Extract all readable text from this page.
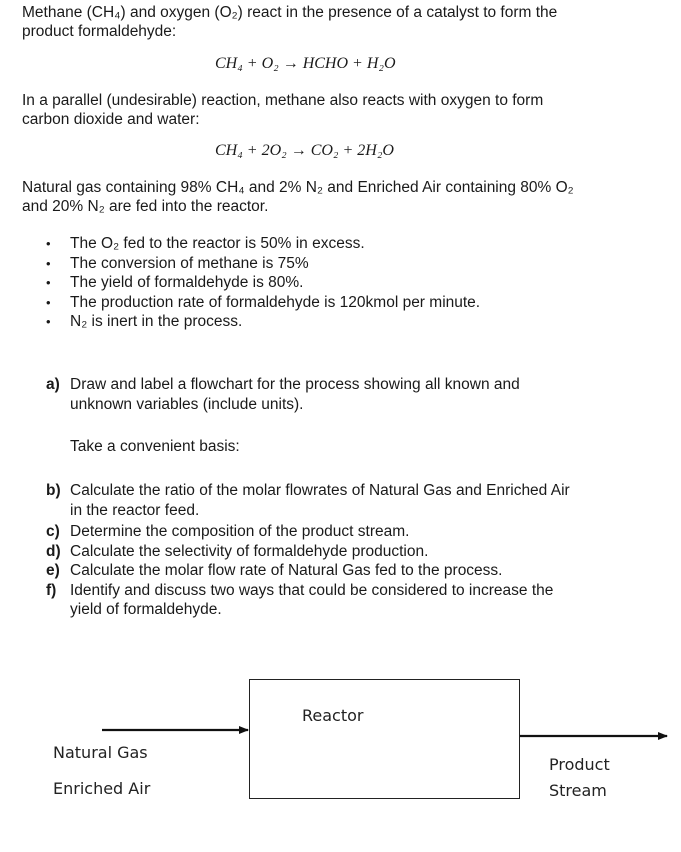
Methane (CH₄) and oxygen (O₂) react in the presence of a catalyst to form the
product formaldehyde:
CH₄ + O₂ → HCHO + H₂O
In a parallel (undesirable) reaction, methane also reacts with oxygen to form
carbon dioxide and water:
CH₄ + 2O₂ → CO₂ + 2H₂O
Natural gas containing 98% CH₄ and 2% N₂ and Enriched Air containing 80% O₂
and 20% N₂ are fed into the reactor.
•	The O₂ fed to the reactor is 50% in excess.
•	The conversion of methane is 75%
•	The yield of formaldehyde is 80%.
•	The production rate of formaldehyde is 120kmol per minute.
•	N₂ is inert in the process.
a) Draw and label a flowchart for the process showing all known and
unknown variables (include units).
Take a convenient basis:
b) Calculate the ratio of the molar flowrates of Natural Gas and Enriched Air
in the reactor feed.
c) Determine the composition of the product stream.
d) Calculate the selectivity of formaldehyde production.
e) Calculate the molar flow rate of Natural Gas fed to the process.
f) Identify and discuss two ways that could be considered to increase the
yield of formaldehyde.
Reactor
Natural Gas
Enriched Air
Product
Stream
